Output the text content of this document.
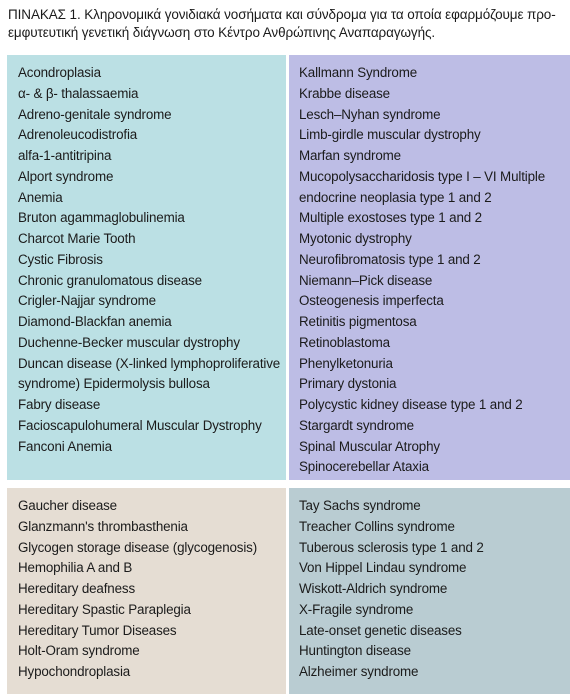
ΠΙΝΑΚΑΣ 1. Κληρονομικά γονιδιακά νοσήματα και σύνδρομα για τα οποία εφαρμόζουμε προ-εμφυτευτική γενετική διάγνωση στο Κέντρο Ανθρώπινης Αναπαραγωγής.
Acondroplasia
α- & β- thalassaemia
Adreno-genitale syndrome
Adrenoleucodistrofia
alfa-1-antitripina
Alport syndrome
Anemia
Bruton agammaglobulinemia
Charcot Marie Tooth
Cystic Fibrosis
Chronic granulomatous disease
Crigler-Najjar syndrome
Diamond-Blackfan anemia
Duchenne-Becker muscular dystrophy
Duncan disease (X-linked lymphoproliferative syndrome) Epidermolysis bullosa
Fabry disease
Facioscapulohumeral Muscular Dystrophy
Fanconi Anemia
Kallmann Syndrome
Krabbe disease
Lesch–Nyhan syndrome
Limb-girdle muscular dystrophy
Marfan syndrome
Mucopolysaccharidosis type I – VI Multiple endocrine neoplasia type 1 and 2
Multiple exostoses type 1 and 2
Myotonic dystrophy
Neurofibromatosis type 1 and 2
Niemann–Pick disease
Osteogenesis imperfecta
Retinitis pigmentosa
Retinoblastoma
Phenylketonuria
Primary dystonia
Polycystic kidney disease type 1 and 2
Stargardt syndrome
Spinal Muscular Atrophy
Spinocerebellar Ataxia
Gaucher disease
Glanzmann's thrombasthenia
Glycogen storage disease (glycogenosis)
Hemophilia A and B
Hereditary deafness
Hereditary Spastic Paraplegia
Hereditary Tumor Diseases
Holt-Oram syndrome
Hypochondroplasia
Tay Sachs syndrome
Treacher Collins syndrome
Tuberous sclerosis type 1 and 2
Von Hippel Lindau syndrome
Wiskott-Aldrich syndrome
X-Fragile syndrome
Late-onset genetic diseases
Huntington disease
Alzheimer syndrome
